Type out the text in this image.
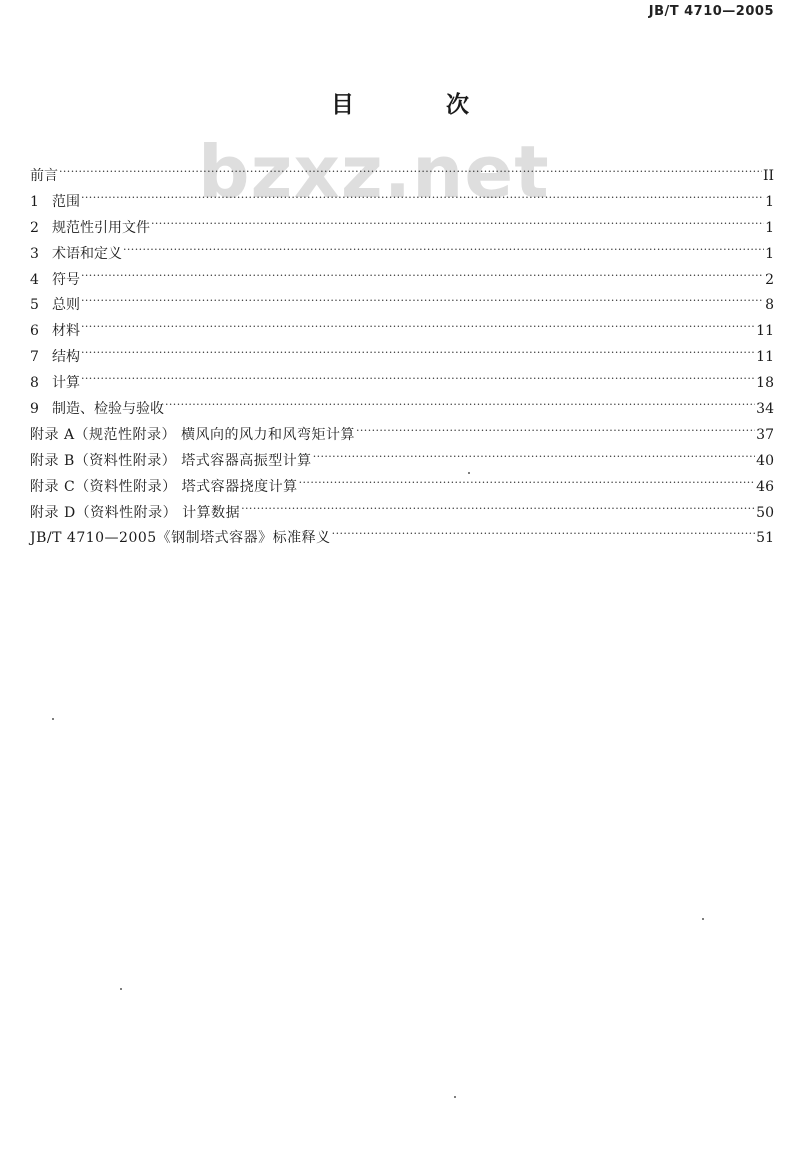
JB/T 4710—2005
bzxz.net
目 次
前言 ·····	II
1 范围 ·····	1
2 规范性引用文件 ·····	1
3 术语和定义 ·····	1
4 符号 ·····	2
5 总则 ·····	8
6 材料 ·····	11
7 结构 ·····	11
8 计算 ·····	18
9 制造、检验与验收 ·····	34
附录 A（规范性附录） 横风向的风力和风弯矩计算 ·····	37
附录 B（资料性附录） 塔式容器高振型计算 ·····	40
附录 C（资料性附录） 塔式容器挠度计算 ·····	46
附录 D（资料性附录） 计算数据 ·····	50
JB/T 4710—2005《钢制塔式容器》标准释义 ·····	51
